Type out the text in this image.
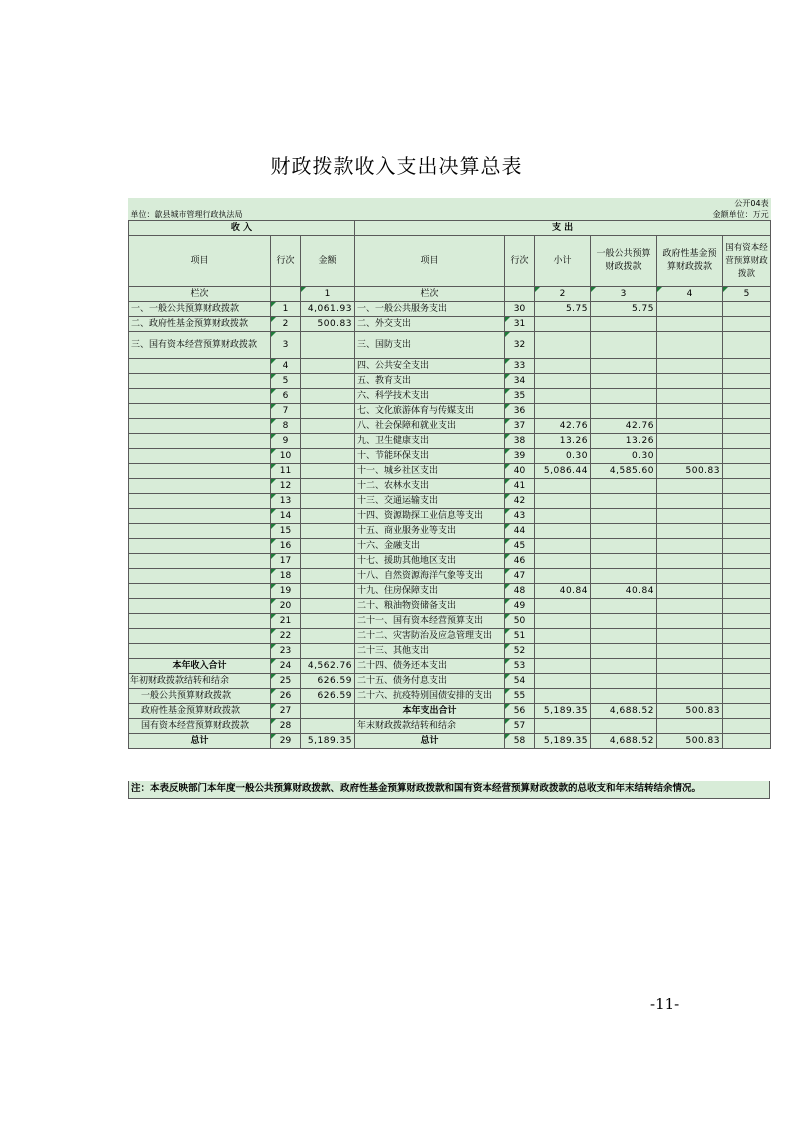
财政拨款收入支出决算总表
公开04表								
单位：歙县城市管理行政执法局					金额单位：万元			
收 入			支 出					
项目	行次	金额	项目	行次	小计	一般公共预算财政拨款	政府性基金预算财政拨款	国有资本经营预算财政拨款
栏次		1	栏次		2	3	4	5
一、一般公共预算财政拨款	1	4,061.93	一、一般公共服务支出	30	5.75	5.75		
二、政府性基金预算财政拨款	2	500.83	二、外交支出	31				
三、国有资本经营预算财政拨款	3		三、国防支出	32				
	4		四、公共安全支出	33				
	5		五、教育支出	34				
	6		六、科学技术支出	35				
	7		七、文化旅游体育与传媒支出	36				
	8		八、社会保障和就业支出	37	42.76	42.76		
	9		九、卫生健康支出	38	13.26	13.26		
	10		十、节能环保支出	39	0.30	0.30		
	11		十一、城乡社区支出	40	5,086.44	4,585.60	500.83	
	12		十二、农林水支出	41				
	13		十三、交通运输支出	42				
	14		十四、资源勘探工业信息等支出	43				
	15		十五、商业服务业等支出	44				
	16		十六、金融支出	45				
	17		十七、援助其他地区支出	46				
	18		十八、自然资源海洋气象等支出	47				
	19		十九、住房保障支出	48	40.84	40.84		
	20		二十、粮油物资储备支出	49				
	21		二十一、国有资本经营预算支出	50				
	22		二十二、灾害防治及应急管理支出	51				
	23		二十三、其他支出	52				
本年收入合计	24	4,562.76	二十四、债务还本支出	53				
年初财政拨款结转和结余	25	626.59	二十五、债务付息支出	54				
一般公共预算财政拨款	26	626.59	二十六、抗疫特别国债安排的支出	55				
政府性基金预算财政拨款	27		本年支出合计	56	5,189.35	4,688.52	500.83	
国有资本经营预算财政拨款	28		年末财政拨款结转和结余	57				
总计	29	5,189.35	总计	58	5,189.35	4,688.52	500.83	
注：本表反映部门本年度一般公共预算财政拨款、政府性基金预算财政拨款和国有资本经营预算财政拨款的总收支和年末结转结余情况。
-11-
